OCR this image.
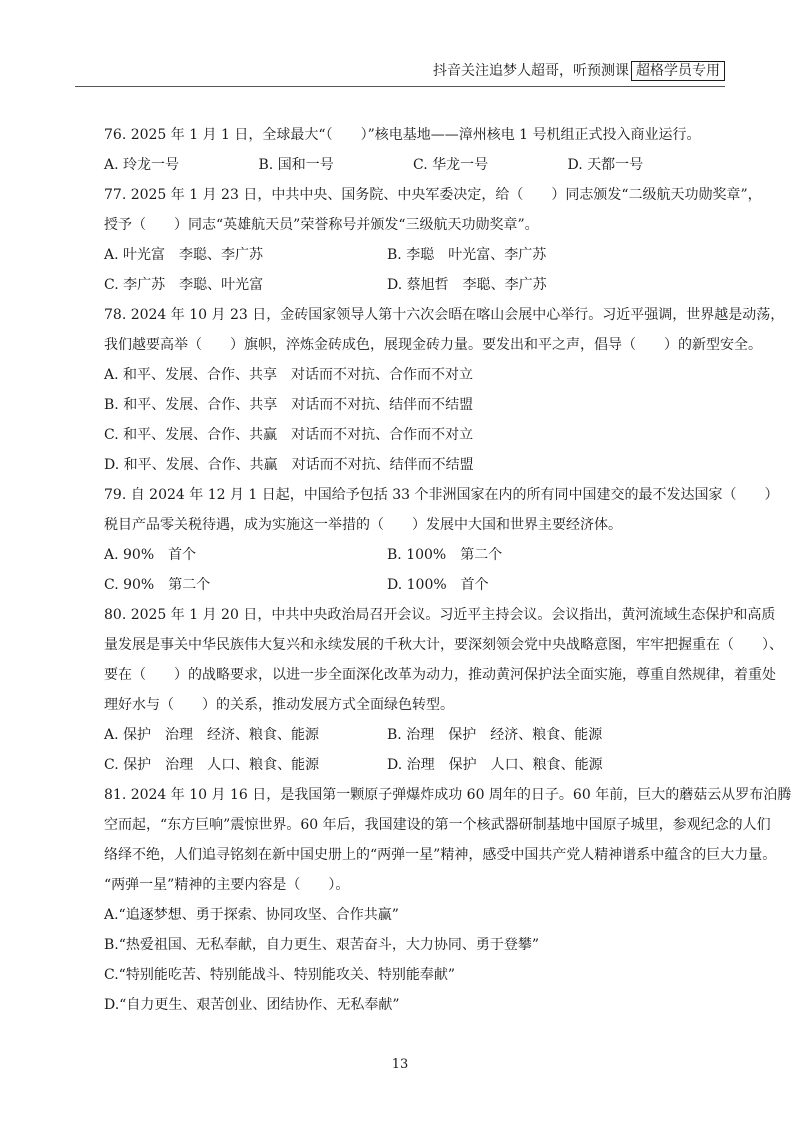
抖音关注追梦人超哥，听预测课 超格学员专用
76. 2025 年 1 月 1 日，全球最大“（　　）”核电基地——漳州核电 1 号机组正式投入商业运行。
A. 玲龙一号	B. 国和一号	C. 华龙一号	D. 天都一号
77. 2025 年 1 月 23 日，中共中央、国务院、中央军委决定，给（　　）同志颁发“二级航天功勋奖章”，
授予（　　）同志“英雄航天员”荣誉称号并颁发“三级航天功勋奖章”。
A. 叶光富　李聪、李广苏	B. 李聪　叶光富、李广苏
C. 李广苏　李聪、叶光富	D. 蔡旭哲　李聪、李广苏
78. 2024 年 10 月 23 日，金砖国家领导人第十六次会晤在喀山会展中心举行。习近平强调，世界越是动荡，
我们越要高举（　　）旗帜，淬炼金砖成色，展现金砖力量。要发出和平之声，倡导（　　）的新型安全。
A. 和平、发展、合作、共享　对话而不对抗、合作而不对立
B. 和平、发展、合作、共享　对话而不对抗、结伴而不结盟
C. 和平、发展、合作、共赢　对话而不对抗、合作而不对立
D. 和平、发展、合作、共赢　对话而不对抗、结伴而不结盟
79. 自 2024 年 12 月 1 日起，中国给予包括 33 个非洲国家在内的所有同中国建交的最不发达国家（　　）
税目产品零关税待遇，成为实施这一举措的（　　）发展中大国和世界主要经济体。
A. 90%　首个	B. 100%　第二个
C. 90%　第二个	D. 100%　首个
80. 2025 年 1 月 20 日，中共中央政治局召开会议。习近平主持会议。会议指出，黄河流域生态保护和高质
量发展是事关中华民族伟大复兴和永续发展的千秋大计，要深刻领会党中央战略意图，牢牢把握重在（　　）、
要在（　　）的战略要求，以进一步全面深化改革为动力，推动黄河保护法全面实施，尊重自然规律，着重处
理好水与（　　）的关系，推动发展方式全面绿色转型。
A. 保护　治理　经济、粮食、能源	B. 治理　保护　经济、粮食、能源
C. 保护　治理　人口、粮食、能源	D. 治理　保护　人口、粮食、能源
81. 2024 年 10 月 16 日，是我国第一颗原子弹爆炸成功 60 周年的日子。60 年前，巨大的蘑菇云从罗布泊腾
空而起，“东方巨响”震惊世界。60 年后，我国建设的第一个核武器研制基地中国原子城里，参观纪念的人们
络绎不绝，人们追寻铭刻在新中国史册上的“两弹一星”精神，感受中国共产党人精神谱系中蕴含的巨大力量。
“两弹一星”精神的主要内容是（　　）。
A.“追逐梦想、勇于探索、协同攻坚、合作共赢”
B.“热爱祖国、无私奉献，自力更生、艰苦奋斗，大力协同、勇于登攀”
C.“特别能吃苦、特别能战斗、特别能攻关、特别能奉献”
D.“自力更生、艰苦创业、团结协作、无私奉献”
13
